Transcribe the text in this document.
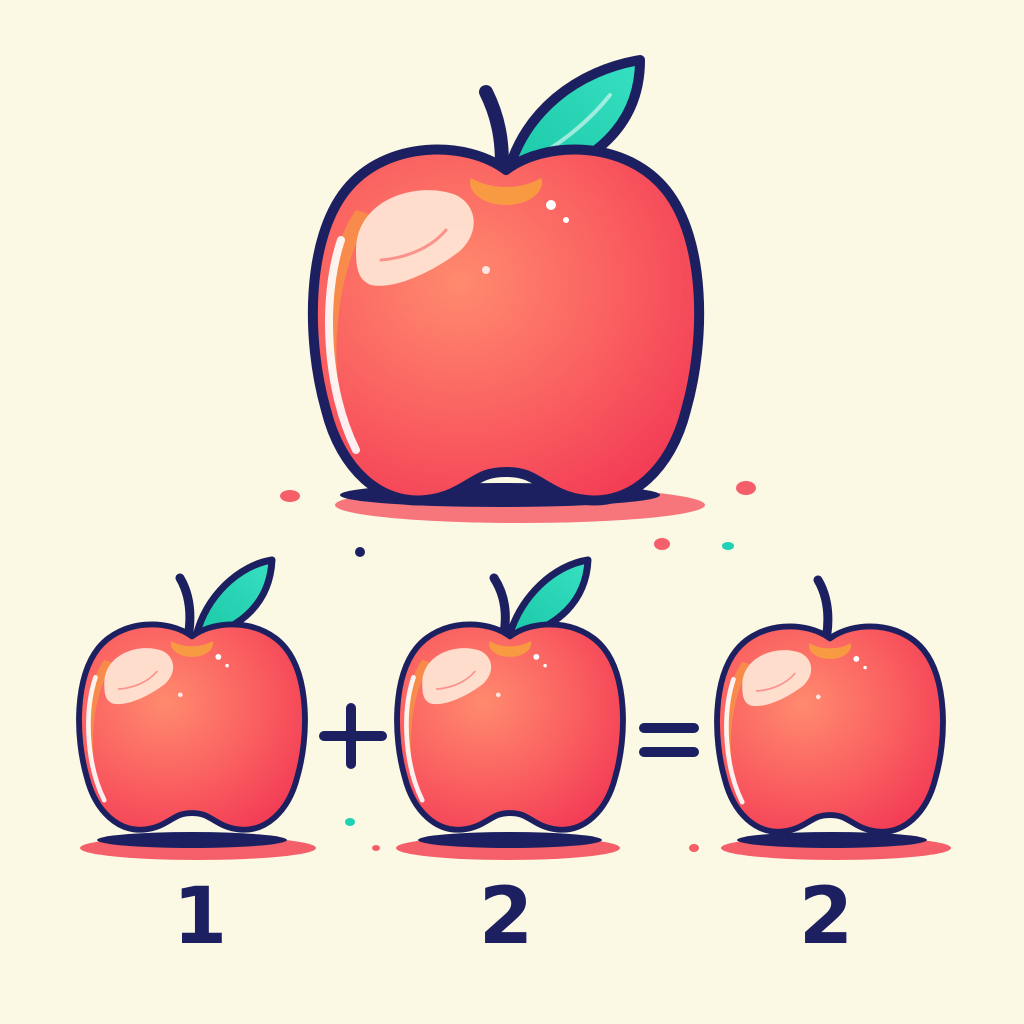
1	2	2
